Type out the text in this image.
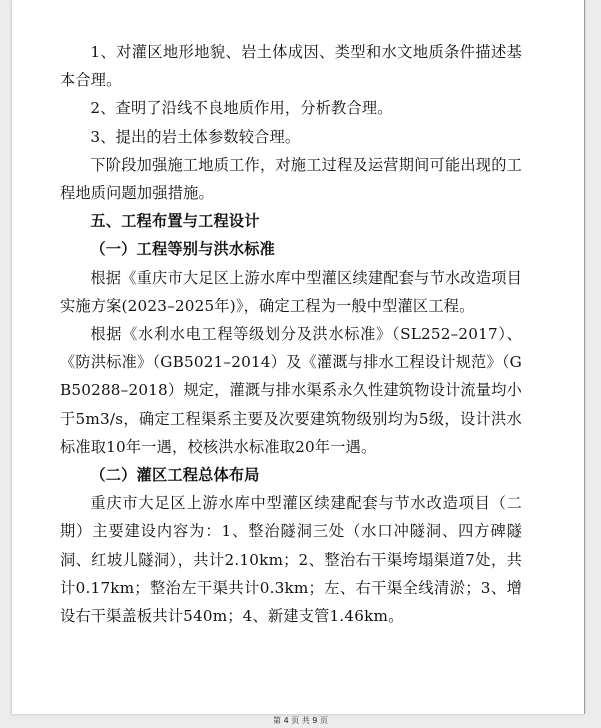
1、对灌区地形地貌、岩土体成因、类型和水文地质条件描述基本合理。

2、查明了沿线不良地质作用，分析教合理。

3、提出的岩土体参数较合理。

下阶段加强施工地质工作，对施工过程及运营期间可能出现的工程地质问题加强措施。

五、工程布置与工程设计

（一）工程等别与洪水标准

根据《重庆市大足区上游水库中型灌区续建配套与节水改造项目实施方案(2023–2025年)》，确定工程为一般中型灌区工程。

根据《水利水电工程等级划分及洪水标准》（SL252–2017）、《防洪标准》（GB5021–2014）及《灌溉与排水工程设计规范》（GB50288–2018）规定，灌溉与排水渠系永久性建筑物设计流量均小于5m3/s，确定工程渠系主要及次要建筑物级别均为5级，设计洪水标准取10年一遇，校核洪水标准取20年一遇。

（二）灌区工程总体布局

重庆市大足区上游水库中型灌区续建配套与节水改造项目（二期）主要建设内容为：1、整治隧洞三处（水口冲隧洞、四方碑隧洞、红坡儿隧洞），共计2.10km；2、整治右干渠垮塌渠道7处，共计0.17km；整治左干渠共计0.3km；左、右干渠全线清淤；3、增设右干渠盖板共计540m；4、新建支管1.46km。

第 4 页 共 9 页
